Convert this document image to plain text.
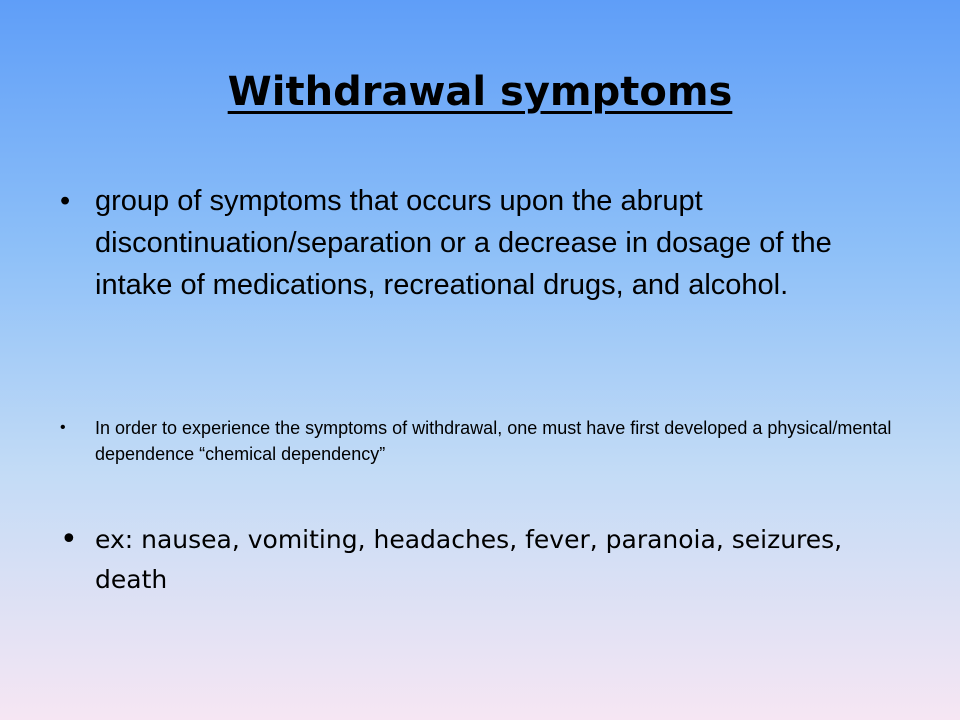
Withdrawal symptoms
• group of symptoms that occurs upon the abrupt discontinuation/separation or a decrease in dosage of the intake of medications, recreational drugs, and alcohol.
• In order to experience the symptoms of withdrawal, one must have first developed a physical/mental dependence “chemical dependency”
• ex: nausea, vomiting, headaches, fever, paranoia, seizures, death
